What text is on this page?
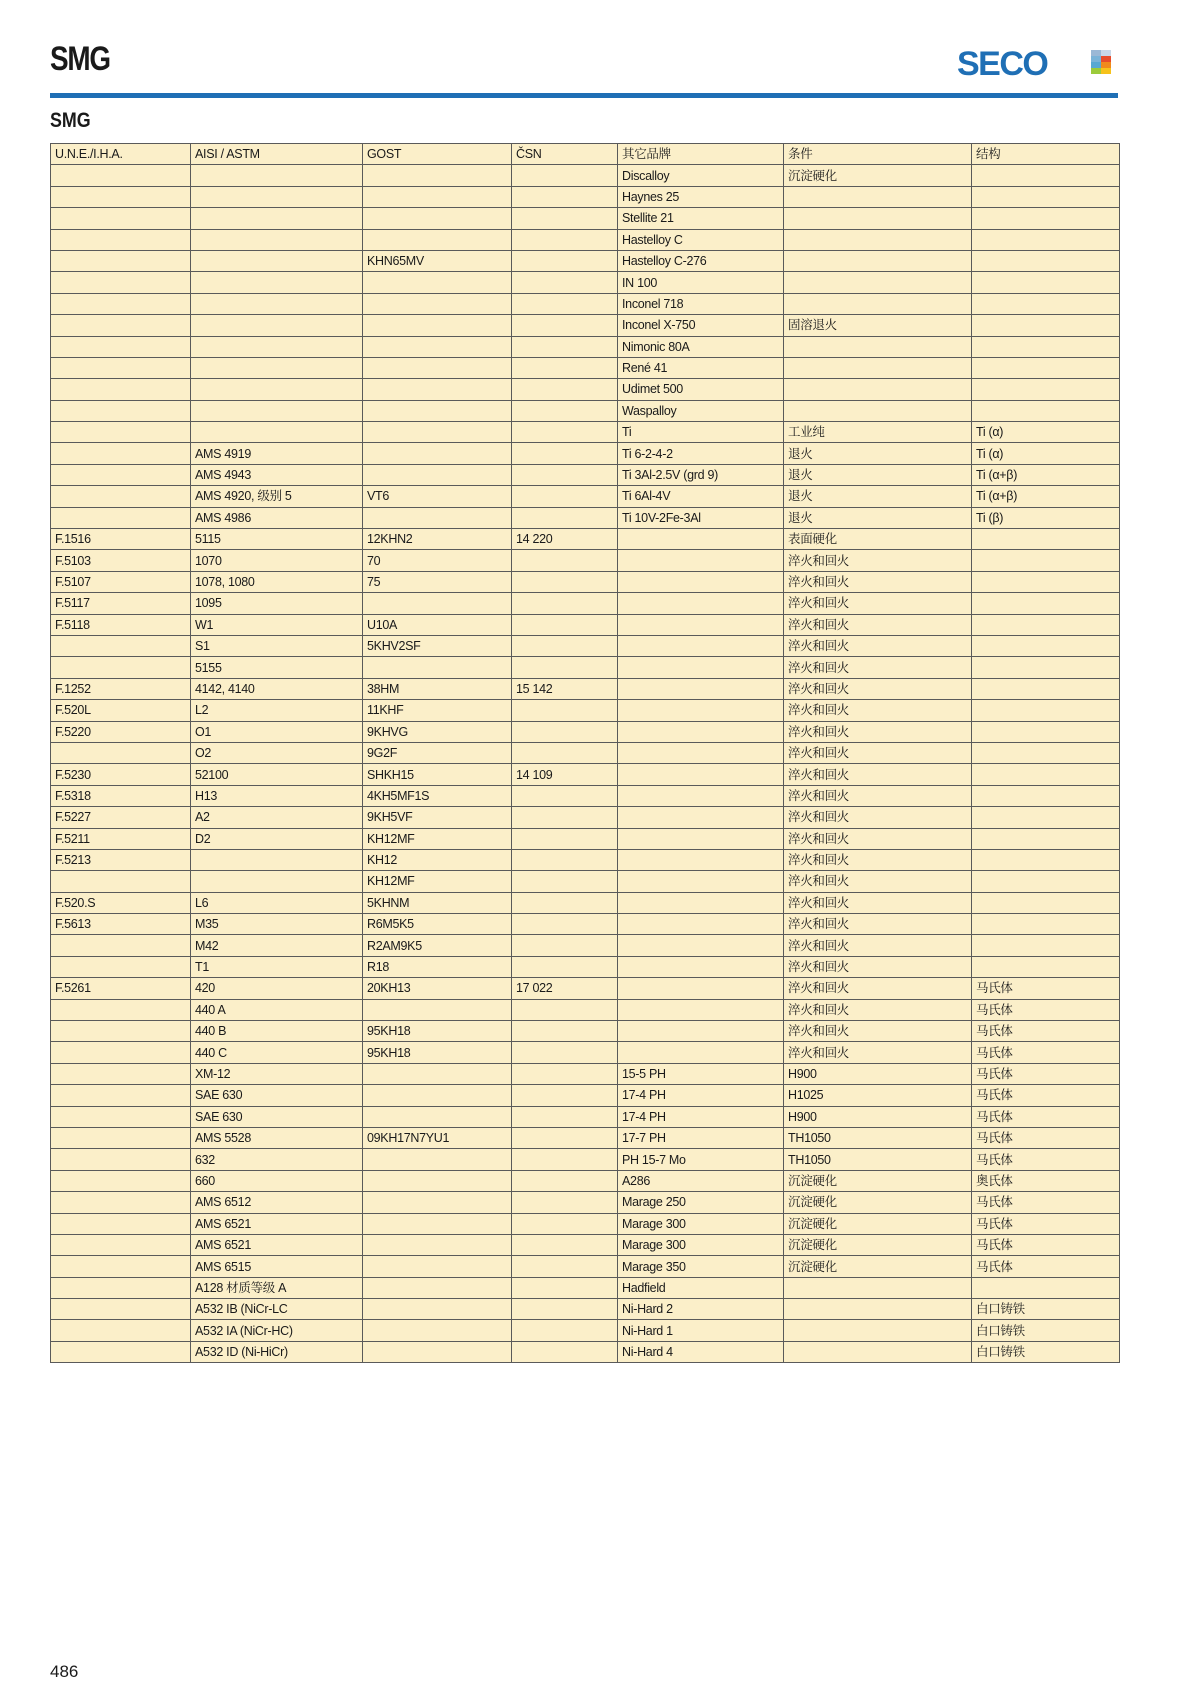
SMG	SECO
SMG
U.N.E./I.H.A.	AISI / ASTM	GOST	ČSN	其它品牌	条件	结构
				Discalloy	沉淀硬化	
				Haynes 25		
				Stellite 21		
				Hastelloy C		
		KHN65MV		Hastelloy C-276		
				IN 100		
				Inconel 718		
				Inconel X-750	固溶退火	
				Nimonic 80A		
				René 41		
				Udimet 500		
				Waspalloy		
				Ti	工业纯	Ti (α)
	AMS 4919			Ti 6-2-4-2	退火	Ti (α)
	AMS 4943			Ti 3Al-2.5V (grd 9)	退火	Ti (α+β)
	AMS 4920, 级别 5	VT6		Ti 6Al-4V	退火	Ti (α+β)
	AMS 4986			Ti 10V-2Fe-3Al	退火	Ti (β)
F.1516	5115	12KHN2	14 220		表面硬化	
F.5103	1070	70			淬火和回火	
F.5107	1078, 1080	75			淬火和回火	
F.5117	1095				淬火和回火	
F.5118	W1	U10A			淬火和回火	
	S1	5KHV2SF			淬火和回火	
	5155				淬火和回火	
F.1252	4142, 4140	38HM	15 142		淬火和回火	
F.520L	L2	11KHF			淬火和回火	
F.5220	O1	9KHVG			淬火和回火	
	O2	9G2F			淬火和回火	
F.5230	52100	SHKH15	14 109		淬火和回火	
F.5318	H13	4KH5MF1S			淬火和回火	
F.5227	A2	9KH5VF			淬火和回火	
F.5211	D2	KH12MF			淬火和回火	
F.5213		KH12			淬火和回火	
		KH12MF			淬火和回火	
F.520.S	L6	5KHNM			淬火和回火	
F.5613	M35	R6M5K5			淬火和回火	
	M42	R2AM9K5			淬火和回火	
	T1	R18			淬火和回火	
F.5261	420	20KH13	17 022		淬火和回火	马氏体
	440 A				淬火和回火	马氏体
	440 B	95KH18			淬火和回火	马氏体
	440 C	95KH18			淬火和回火	马氏体
	XM-12			15-5 PH	H900	马氏体
	SAE 630			17-4 PH	H1025	马氏体
	SAE 630			17-4 PH	H900	马氏体
	AMS 5528	09KH17N7YU1		17-7 PH	TH1050	马氏体
	632			PH 15-7 Mo	TH1050	马氏体
	660			A286	沉淀硬化	奥氏体
	AMS 6512			Marage 250	沉淀硬化	马氏体
	AMS 6521			Marage 300	沉淀硬化	马氏体
	AMS 6521			Marage 300	沉淀硬化	马氏体
	AMS 6515			Marage 350	沉淀硬化	马氏体
	A128 材质等级 A			Hadfield		
	A532 IB (NiCr-LC			Ni-Hard 2		白口铸铁
	A532 IA (NiCr-HC)			Ni-Hard 1		白口铸铁
	A532 ID (Ni-HiCr)			Ni-Hard 4		白口铸铁
486
